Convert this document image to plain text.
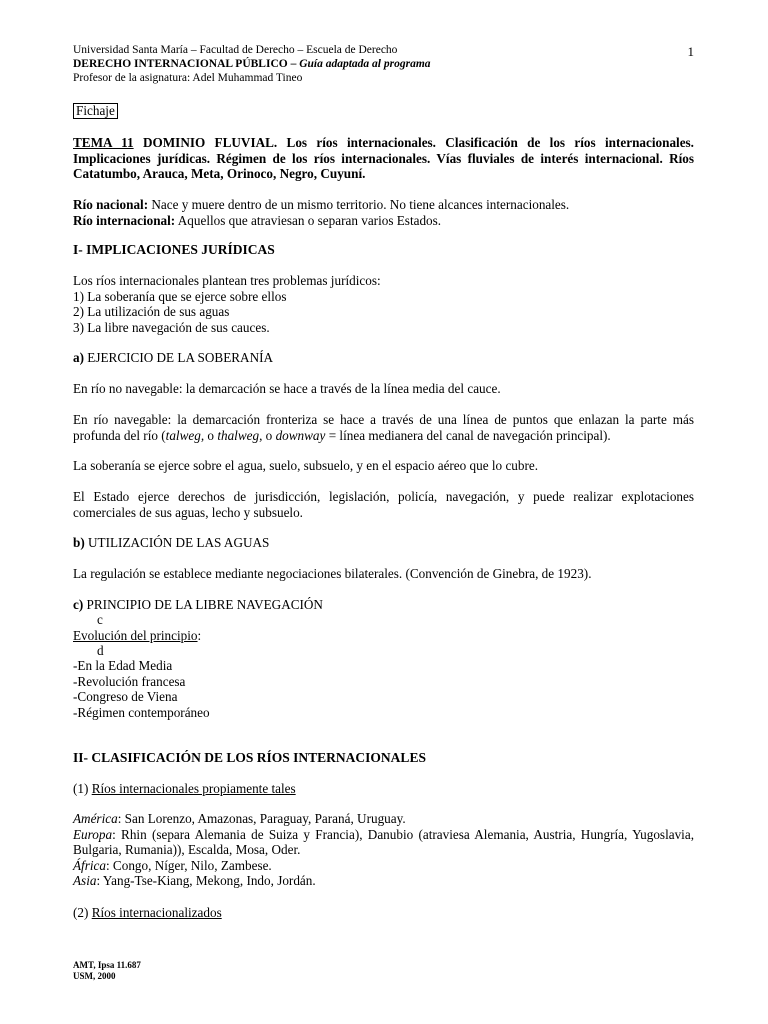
Universidad Santa María – Facultad de Derecho – Escuela de Derecho
DERECHO INTERNACIONAL PÚBLICO – Guía adaptada al programa
Profesor de la asignatura: Adel Muhammad Tineo
1
Fichaje
TEMA 11 DOMINIO FLUVIAL. Los ríos internacionales. Clasificación de los ríos internacionales. Implicaciones jurídicas. Régimen de los ríos internacionales. Vías fluviales de interés internacional. Ríos Catatumbo, Arauca, Meta, Orinoco, Negro, Cuyuní.
Río nacional: Nace y muere dentro de un mismo territorio. No tiene alcances internacionales.
Río internacional: Aquellos que atraviesan o separan varios Estados.
I- IMPLICACIONES JURÍDICAS
Los ríos internacionales plantean tres problemas jurídicos:
1) La soberanía que se ejerce sobre ellos
2) La utilización de sus aguas
3) La libre navegación de sus cauces.
a) EJERCICIO DE LA SOBERANÍA
En río no navegable: la demarcación se hace a través de la línea media del cauce.
En río navegable: la demarcación fronteriza se hace a través de una línea de puntos que enlazan la parte más profunda del río (talweg, o thalweg, o downway = línea medianera del canal de navegación principal).
La soberanía se ejerce sobre el agua, suelo, subsuelo, y en el espacio aéreo que lo cubre.
El Estado ejerce derechos de jurisdicción, legislación, policía, navegación, y puede realizar explotaciones comerciales de sus aguas, lecho y subsuelo.
b) UTILIZACIÓN DE LAS AGUAS
La regulación se establece mediante negociaciones bilaterales. (Convención de Ginebra, de 1923).
c) PRINCIPIO DE LA LIBRE NAVEGACIÓN
c
Evolución del principio:
d
-En la Edad Media
-Revolución francesa
-Congreso de Viena
-Régimen contemporáneo
II- CLASIFICACIÓN DE LOS RÍOS INTERNACIONALES
(1) Ríos internacionales propiamente tales
América: San Lorenzo, Amazonas, Paraguay, Paraná, Uruguay.
Europa: Rhin (separa Alemania de Suiza y Francia), Danubio (atraviesa Alemania, Austria, Hungría, Yugoslavia, Bulgaria, Rumania)), Escalda, Mosa, Oder.
África: Congo, Níger, Nilo, Zambese.
Asia: Yang-Tse-Kiang, Mekong, Indo, Jordán.
(2) Ríos internacionalizados
AMT, Ipsa 11.687
USM, 2000
